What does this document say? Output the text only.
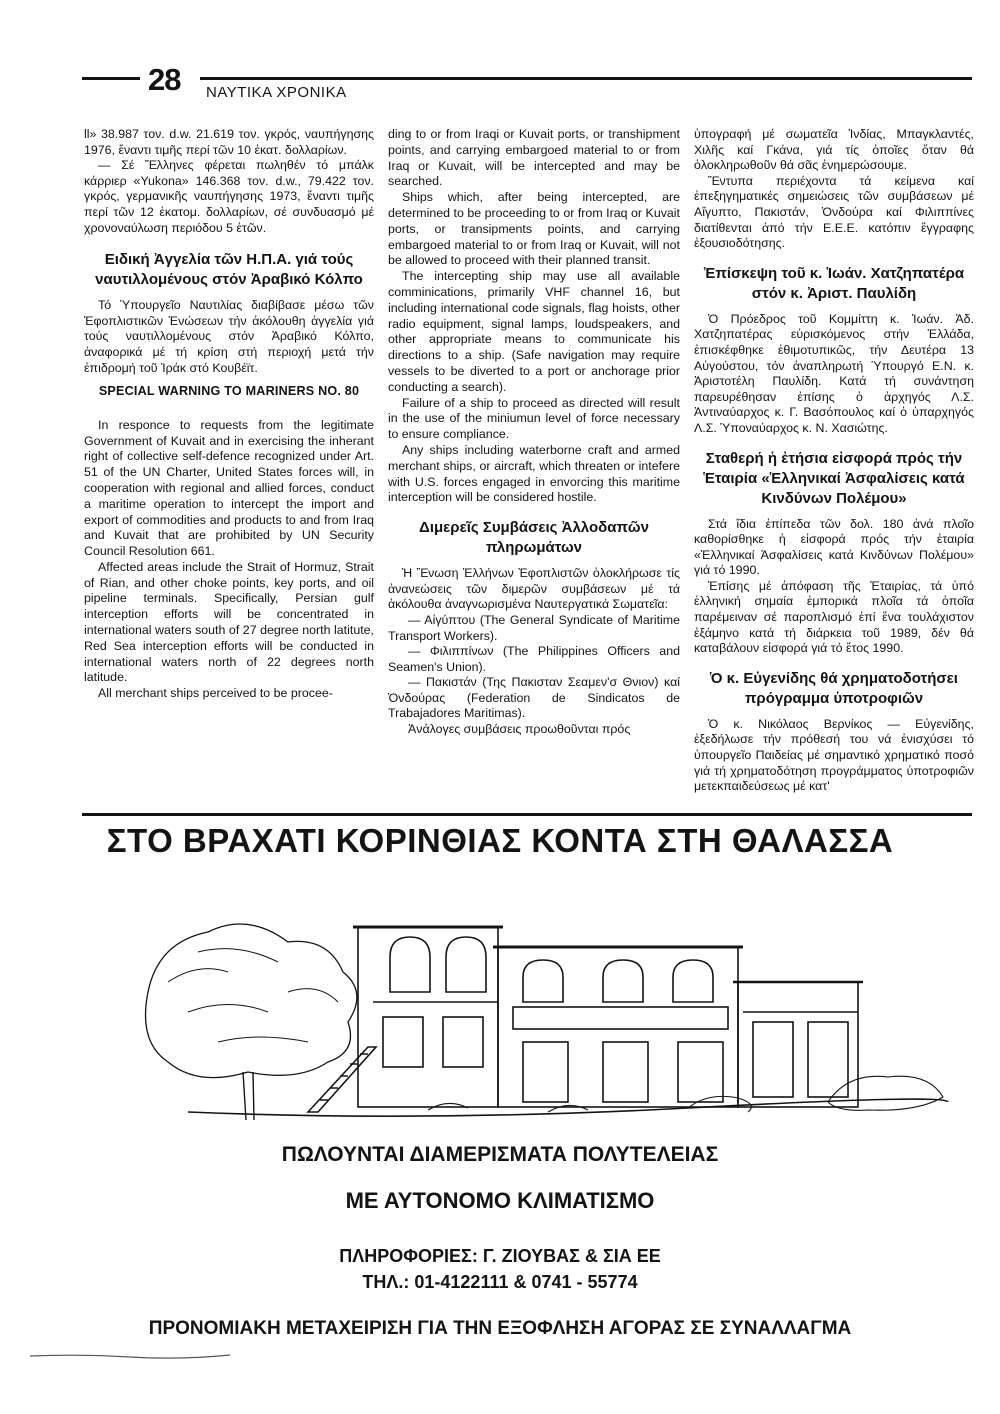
28 ΝΑΥΤΙΚΑ ΧΡΟΝΙΚΑ

ll» 38.987 τον. d.w. 21.619 τον. γκρός, ναυπήγησης 1976, ἔναντι τιμῆς περί τῶν 10 ἑκατ. δολλαρίων.

— Σέ Ἕλληνες φέρεται πωληθέν τό μπάλκ κάρριερ «Yukona» 146.368 τον. d.w., 79.422 τον. γκρός, γερμανικῆς ναυπήγησης 1973, ἔναντι τιμῆς περί τῶν 12 ἑκατομ. δολλαρίων, σέ συνδυασμό μέ χρονοναύλωση περιόδου 5 ἐτῶν.

Ειδική Ἀγγελία τῶν Η.Π.Α. γιά τούς ναυτιλλομένους στόν Ἀραβικό Κόλπο

Τό Ὑπουργεῖο Ναυτιλίας διαβίβασε μέσω τῶν Ἐφοπλιστικῶν Ἑνώσεων τήν ἀκόλουθη ἀγγελία γιά τούς ναυτιλλομένους στόν Ἀραβικό Κόλπο, ἀναφορικά μέ τή κρίση στή περιοχή μετά τήν ἐπιδρομή τοῦ Ἰράκ στό Κουβέϊτ.

SPECIAL WARNING TO MARINERS NO. 80

In responce to requests from the legitimate Government of Kuvait and in exercising the inherant right of collective self-defence recognized under Art. 51 of the UN Charter, United States forces will, in cooperation with regional and allied forces, conduct a maritime operation to intercept the import and export of commodities and products to and from Iraq and Kuvait that are prohibited by UN Security Council Resolution 661.

Affected areas include the Strait of Hormuz, Strait of Rian, and other choke points, key ports, and oil pipeline terminals. Specifically, Persian gulf interception efforts will be concentrated in international waters south of 27 degree north latitute, Red Sea interception efforts will be conducted in international waters north of 22 degrees north latitude.

All merchant ships perceived to be procee-

ding to or from Iraqi or Kuvait ports, or transhipment points, and carrying embargoed material to or from Iraq or Kuvait, will be intercepted and may be searched.

Ships which, after being intercepted, are determined to be proceeding to or from Iraq or Kuvait ports, or transipments points, and carrying embargoed material to or from Iraq or Kuvait, will not be allowed to proceed with their planned transit.

The intercepting ship may use all available comminications, primarily VHF channel 16, but including international code signals, flag hoists, other radio equipment, signal lamps, loudspeakers, and other appropriate means to communicate his directions to a ship. (Safe navigation may require vessels to be diverted to a port or anchorage prior conducting a search).

Failure of a ship to proceed as directed will result in the use of the miniumun level of force necessary to ensure compliance.

Any ships including waterborne craft and armed merchant ships, or aircraft, which threaten or intefere with U.S. forces engaged in envorcing this maritime interception will be considered hostile.

Διμερεῖς Συμβάσεις Ἀλλοδαπῶν πληρωμάτων

Ἡ Ἕνωση Ἑλλήνων Ἐφοπλιστῶν ὁλοκλήρωσε τίς ἀνανεώσεις τῶν διμερῶν συμβάσεων μέ τά ἀκόλουθα ἀναγνωρισμένα Ναυτεργατικά Σωματεῖα:

— Αἰγύπτου (The General Syndicate of Maritime Transport Workers).

— Φιλιππίνων (The Philippines Officers and Seamen's Union).

— Πακιστάν (Της Πακισταν Σεαμεν'σ Θνιον) καί Ὁνδούρας (Federation de Sindicatos de Trabajadores Maritimas).

Ἀνάλογες συμβάσεις προωθοῦνται πρός

ὑπογραφή μέ σωματεῖα Ἰνδίας, Μπαγκλαντές, Χιλῆς καί Γκάνα, γιά τίς ὁποῖες ὅταν θά ὁλοκληρωθοῦν θά σᾶς ἐνημερώσουμε.

Ἔντυπα περιέχοντα τά κείμενα καί ἐπεξηγηματικές σημειώσεις τῶν συμβάσεων μέ Αἴγυπτο, Πακιστάν, Ὁνδούρα καί Φιλιππίνες διατίθενται ἀπό τήν Ε.Ε.Ε. κατόπιν ἔγγραφης ἐξουσιοδότησης.

Ἐπίσκεψη τοῦ κ. Ἰωάν. Χατζηπατέρα στόν κ. Ἀριστ. Παυλίδη

Ὁ Πρόεδρος τοῦ Κομμίττη κ. Ἰωάν. Ἀδ. Χατζηπατέρας εὑρισκόμενος στήν Ἑλλάδα, ἐπισκέφθηκε ἐθιμοτυπικῶς, τήν Δευτέρα 13 Αὐγούστου, τόν ἀναπληρωτή Ὑπουργό Ε.Ν. κ. Ἀριστοτέλη Παυλίδη. Κατά τή συνάντηση παρευρέθησαν ἐπίσης ὁ ἀρχηγός Λ.Σ. Ἀντιναύαρχος κ. Γ. Βασόπουλος καί ὁ ὑπαρχηγός Λ.Σ. Ὑποναύαρχος κ. Ν. Χασιώτης.

Σταθερή ἡ ἐτήσια εἰσφορά πρός τήν Ἑταιρία «Ἑλληνικαί Ἀσφαλίσεις κατά Κινδύνων Πολέμου»

Στά ἴδια ἐπίπεδα τῶν δολ. 180 ἀνά πλοῖο καθορίσθηκε ἡ εἰσφορά πρός τήν ἑταιρία «Ἑλληνικαί Ἀσφαλίσεις κατά Κινδύνων Πολέμου» γιά τό 1990.

Ἐπίσης μέ ἀπόφαση τῆς Ἑταιρίας, τά ὑπό ἑλληνική σημαία ἐμπορικά πλοῖα τά ὁποῖα παρέμειναν σέ παροπλισμό ἐπί ἕνα τουλάχιστον ἑξάμηνο κατά τή διάρκεια τοῦ 1989, δέν θά καταβάλουν εἰσφορά γιά τό ἔτος 1990.

Ὁ κ. Εὐγενίδης θά χρηματοδοτήσει πρόγραμμα ὑποτροφιῶν

Ὁ κ. Νικόλαος Βερνίκος — Εὐγενίδης, ἐξεδήλωσε τήν πρόθεσή του νά ἐνισχύσει τό ὑπουργεῖο Παιδείας μέ σημαντικό χρηματικό ποσό γιά τή χρηματοδότηση προγράμματος ὑποτροφιῶν μετεκπαιδεύσεως μέ κατ'

ΣΤΟ ΒΡΑΧΑΤΙ ΚΟΡΙΝΘΙΑΣ ΚΟΝΤΑ ΣΤΗ ΘΑΛΑΣΣΑ
ΠΩΛΟΥΝΤΑΙ ΔΙΑΜΕΡΙΣΜΑΤΑ ΠΟΛΥΤΕΛΕΙΑΣ
ΜΕ ΑΥΤΟΝΟΜΟ ΚΛΙΜΑΤΙΣΜΟ
ΠΛΗΡΟΦΟΡΙΕΣ: Γ. ΖΙΟΥΒΑΣ & ΣΙΑ ΕΕ
ΤΗΛ.: 01-4122111 & 0741 - 55774
ΠΡΟΝΟΜΙΑΚΗ ΜΕΤΑΧΕΙΡΙΣΗ ΓΙΑ ΤΗΝ ΕΞΟΦΛΗΣΗ ΑΓΟΡΑΣ ΣΕ ΣΥΝΑΛΛΑΓΜΑ
